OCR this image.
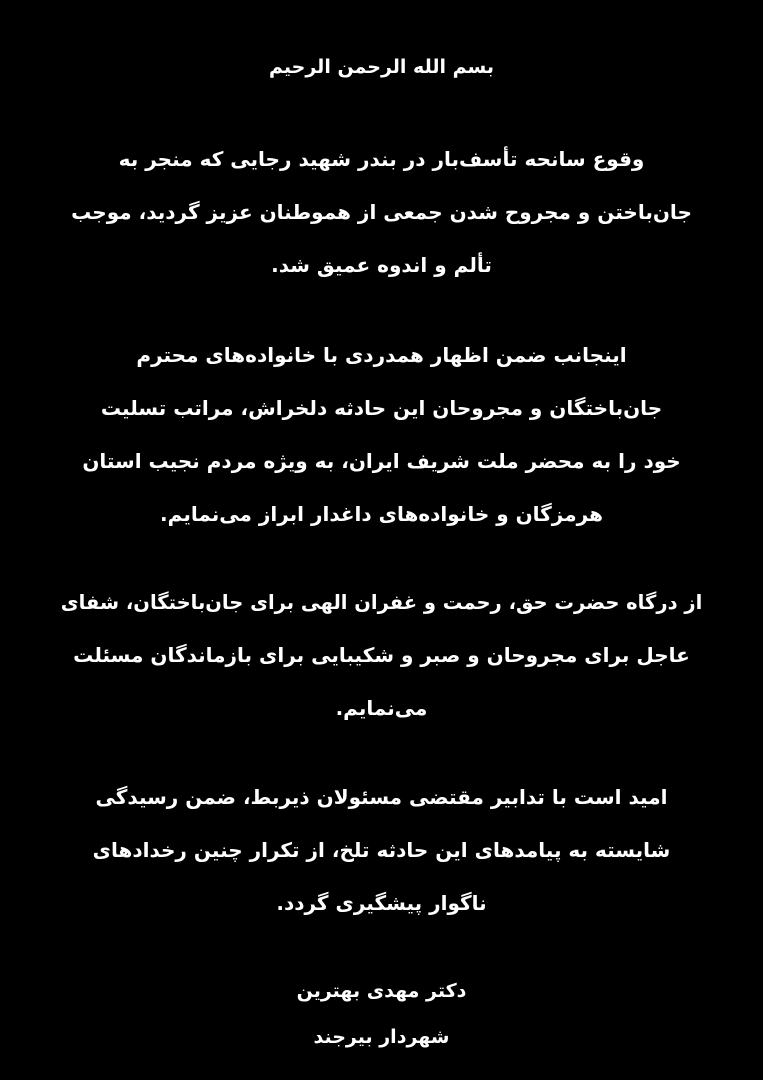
بسم الله الرحمن الرحیم
وقوع سانحه تأسف‌بار در بندر شهید رجایی که منجر به
جان‌باختن و مجروح شدن جمعی از هموطنان عزیز گردید، موجب
تألم و اندوه عمیق شد.
اینجانب ضمن اظهار همدردی با خانواده‌های محترم
جان‌باختگان و مجروحان این حادثه دلخراش، مراتب تسلیت
خود را به محضر ملت شریف ایران، به ویژه مردم نجیب استان
هرمزگان و خانواده‌های داغدار ابراز می‌نمایم.
از درگاه حضرت حق، رحمت و غفران الهی برای جان‌باختگان، شفای
عاجل برای مجروحان و صبر و شکیبایی برای بازماندگان مسئلت
می‌نمایم.
امید است با تدابیر مقتضی مسئولان ذیربط، ضمن رسیدگی
شایسته به پیامدهای این حادثه تلخ، از تکرار چنین رخدادهای
ناگوار پیشگیری گردد.
دکتر مهدی بهترین
شهردار بیرجند
